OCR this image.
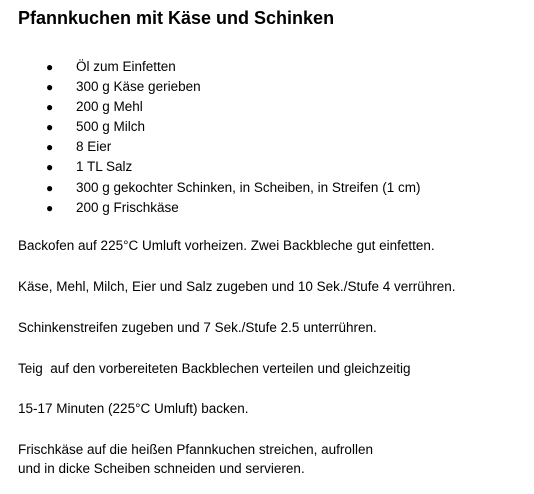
Pfannkuchen mit Käse und Schinken
● Öl zum Einfetten
● 300 g Käse gerieben
● 200 g Mehl
● 500 g Milch
● 8 Eier
● 1 TL Salz
● 300 g gekochter Schinken, in Scheiben, in Streifen (1 cm)
● 200 g Frischkäse

Backofen auf 225°C Umluft vorheizen. Zwei Backbleche gut einfetten.

Käse, Mehl, Milch, Eier und Salz zugeben und 10 Sek./Stufe 4 verrühren.

Schinkenstreifen zugeben und 7 Sek./Stufe 2.5 unterrühren.

Teig  auf den vorbereiteten Backblechen verteilen und gleichzeitig

15-17 Minuten (225°C Umluft) backen.

Frischkäse auf die heißen Pfannkuchen streichen, aufrollen
und in dicke Scheiben schneiden und servieren.
